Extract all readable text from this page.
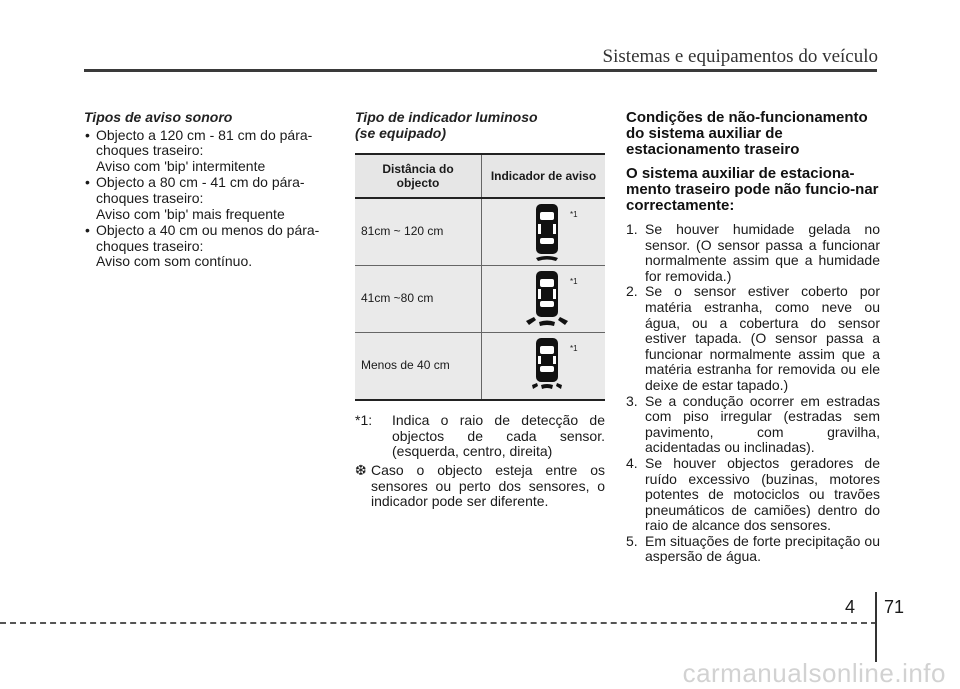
Sistemas e equipamentos do veículo
Tipos de aviso sonoro
• Objecto a 120 cm - 81 cm do pára-
choques traseiro:
Aviso com 'bip' intermitente
• Objecto a 80 cm - 41 cm do pára-
choques traseiro:
Aviso com 'bip' mais frequente
• Objecto a 40 cm ou menos do pára-
choques traseiro:
Aviso com som contínuo.
Tipo de indicador luminoso
(se equipado)
Distância do
objecto	Indicador de aviso
81cm ~ 120 cm	*1

41cm ~80 cm	*1

Menos de 40 cm	*1
*1: Indica o raio de detecção de objectos de cada sensor. (esquerda, centro, direita)
❆ Caso o objecto esteja entre os sensores ou perto dos sensores, o indicador pode ser diferente.
Condições de não-funcionamento do sistema auxiliar de estacionamento traseiro
O sistema auxiliar de estaciona-mento traseiro pode não funcio-nar correctamente:
1. Se houver humidade gelada no sensor. (O sensor passa a funcionar normalmente assim que a humidade for removida.)
2. Se o sensor estiver coberto por matéria estranha, como neve ou água, ou a cobertura do sensor estiver tapada. (O sensor passa a funcionar normalmente assim que a matéria estranha for removida ou ele deixe de estar tapado.)
3. Se a condução ocorrer em estradas com piso irregular (estradas sem pavimento, com gravilha, acidentadas ou inclinadas).
4. Se houver objectos geradores de ruído excessivo (buzinas, motores potentes de motociclos ou travões pneumáticos de camiões) dentro do raio de alcance dos sensores.
5. Em situações de forte precipitação ou aspersão de água.
4 71
carmanualsonline.info
